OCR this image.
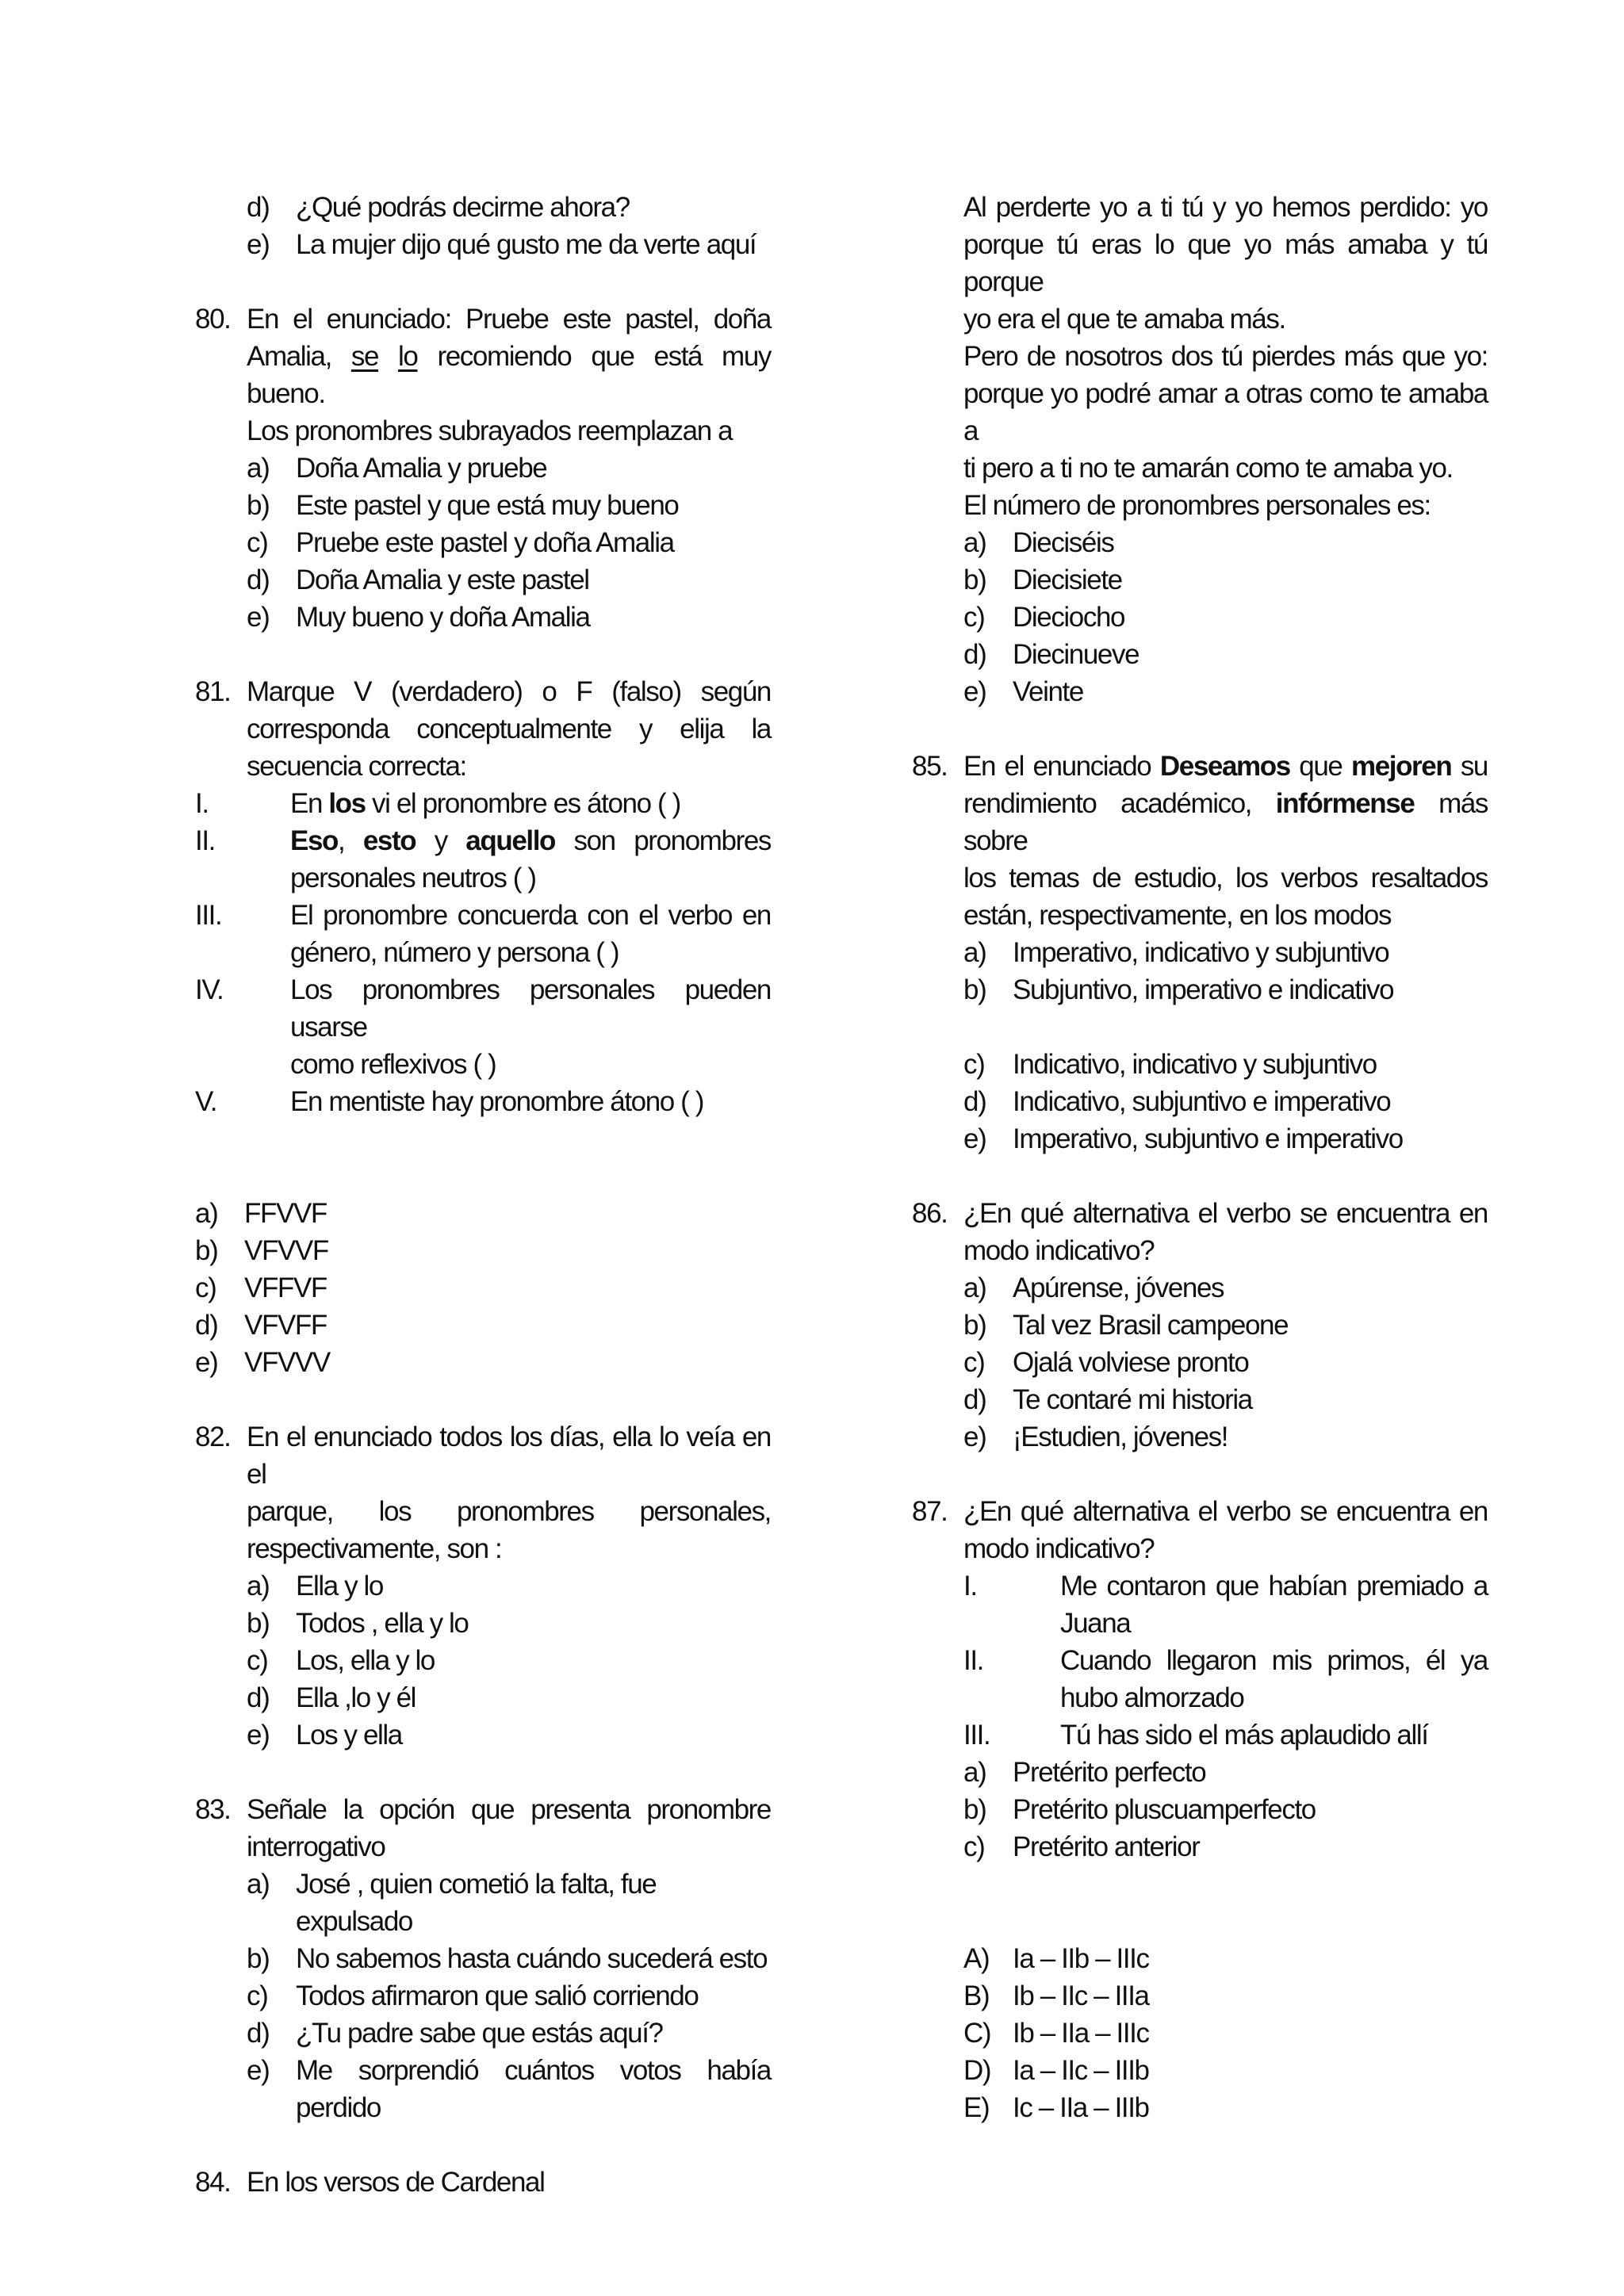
d) ¿Qué podrás decirme ahora?
e) La mujer dijo qué gusto me da verte aquí
80. En el enunciado: Pruebe este pastel, doña
Amalia, se lo recomiendo que está muy bueno.
Los pronombres subrayados reemplazan a
a) Doña Amalia y pruebe
b) Este pastel y que está muy bueno
c) Pruebe este pastel y doña Amalia
d) Doña Amalia y este pastel
e) Muy bueno y doña Amalia
81. Marque V (verdadero) o F (falso) según
corresponda conceptualmente y elija la
secuencia correcta:
I.	En los vi el pronombre es átono ( )
II.	Eso, esto y aquello son pronombres
personales neutros ( )
III. El pronombre concuerda con el verbo en
género, número y persona ( )
IV. Los pronombres personales pueden usarse
como reflexivos ( )
V.	En mentiste hay pronombre átono ( )
a) FFVVF
b) VFVVF
c) VFFVF
d) VFVFF
e) VFVVV
82. En el enunciado todos los días, ella lo veía en el
parque, los pronombres personales,
respectivamente, son :
a) Ella y lo
b) Todos , ella y lo
c) Los, ella y lo
d) Ella ,lo y él
e) Los y ella
83. Señale la opción que presenta pronombre
interrogativo
a) José , quien cometió la falta, fue expulsado
b) No sabemos hasta cuándo sucederá esto
c) Todos afirmaron que salió corriendo
d) ¿Tu padre sabe que estás aquí?
e) Me sorprendió cuántos votos había
perdido
84. En los versos de Cardenal
Al perderte yo a ti tú y yo hemos perdido: yo
porque tú eras lo que yo más amaba y tú porque
yo era el que te amaba más.
Pero de nosotros dos tú pierdes más que yo:
porque yo podré amar a otras como te amaba a
ti pero a ti no te amarán como te amaba yo.
El número de pronombres personales es:
a) Dieciséis
b) Diecisiete
c) Dieciocho
d) Diecinueve
e) Veinte
85. En el enunciado Deseamos que mejoren su
rendimiento académico, infórmense más sobre
los temas de estudio, los verbos resaltados
están, respectivamente, en los modos
a) Imperativo, indicativo y subjuntivo
b) Subjuntivo, imperativo e indicativo
c) Indicativo, indicativo y subjuntivo
d) Indicativo, subjuntivo e imperativo
e) Imperativo, subjuntivo e imperativo
86. ¿En qué alternativa el verbo se encuentra en
modo indicativo?
a) Apúrense, jóvenes
b) Tal vez Brasil campeone
c) Ojalá volviese pronto
d) Te contaré mi historia
e) ¡Estudien, jóvenes!
87. ¿En qué alternativa el verbo se encuentra en
modo indicativo?
I.	Me contaron que habían premiado a
Juana
II.	Cuando llegaron mis primos, él ya
hubo almorzado
III.	Tú has sido el más aplaudido allí
a) Pretérito perfecto
b) Pretérito pluscuamperfecto
c) Pretérito anterior
A) Ia – IIb – IIIc
B) Ib – IIc – IIIa
C) Ib – IIa – IIIc
D) Ia – IIc – IIIb
E) Ic – IIa – IIIb
